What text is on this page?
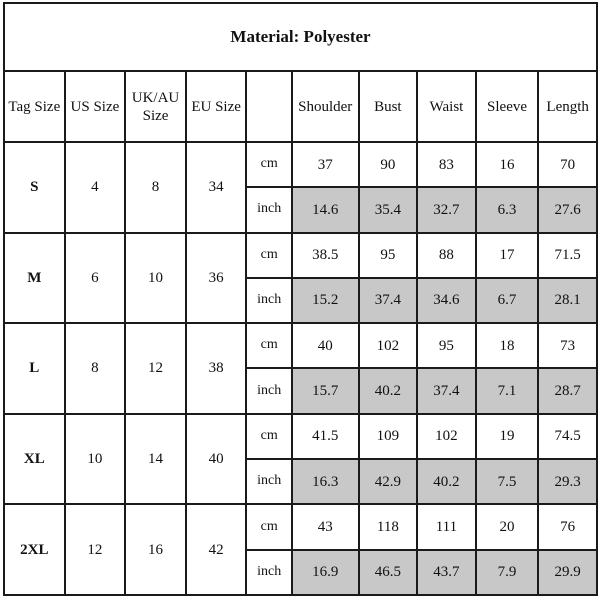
Material: Polyester									
Tag Size	US Size	UK/AU Size	EU Size		Shoulder	Bust	Waist	Sleeve	Length
S	4	8	34	cm	37	90	83	16	70
				inch	14.6	35.4	32.7	6.3	27.6
M	6	10	36	cm	38.5	95	88	17	71.5
				inch	15.2	37.4	34.6	6.7	28.1
L	8	12	38	cm	40	102	95	18	73
				inch	15.7	40.2	37.4	7.1	28.7
XL	10	14	40	cm	41.5	109	102	19	74.5
				inch	16.3	42.9	40.2	7.5	29.3
2XL	12	16	42	cm	43	118	111	20	76
				inch	16.9	46.5	43.7	7.9	29.9
